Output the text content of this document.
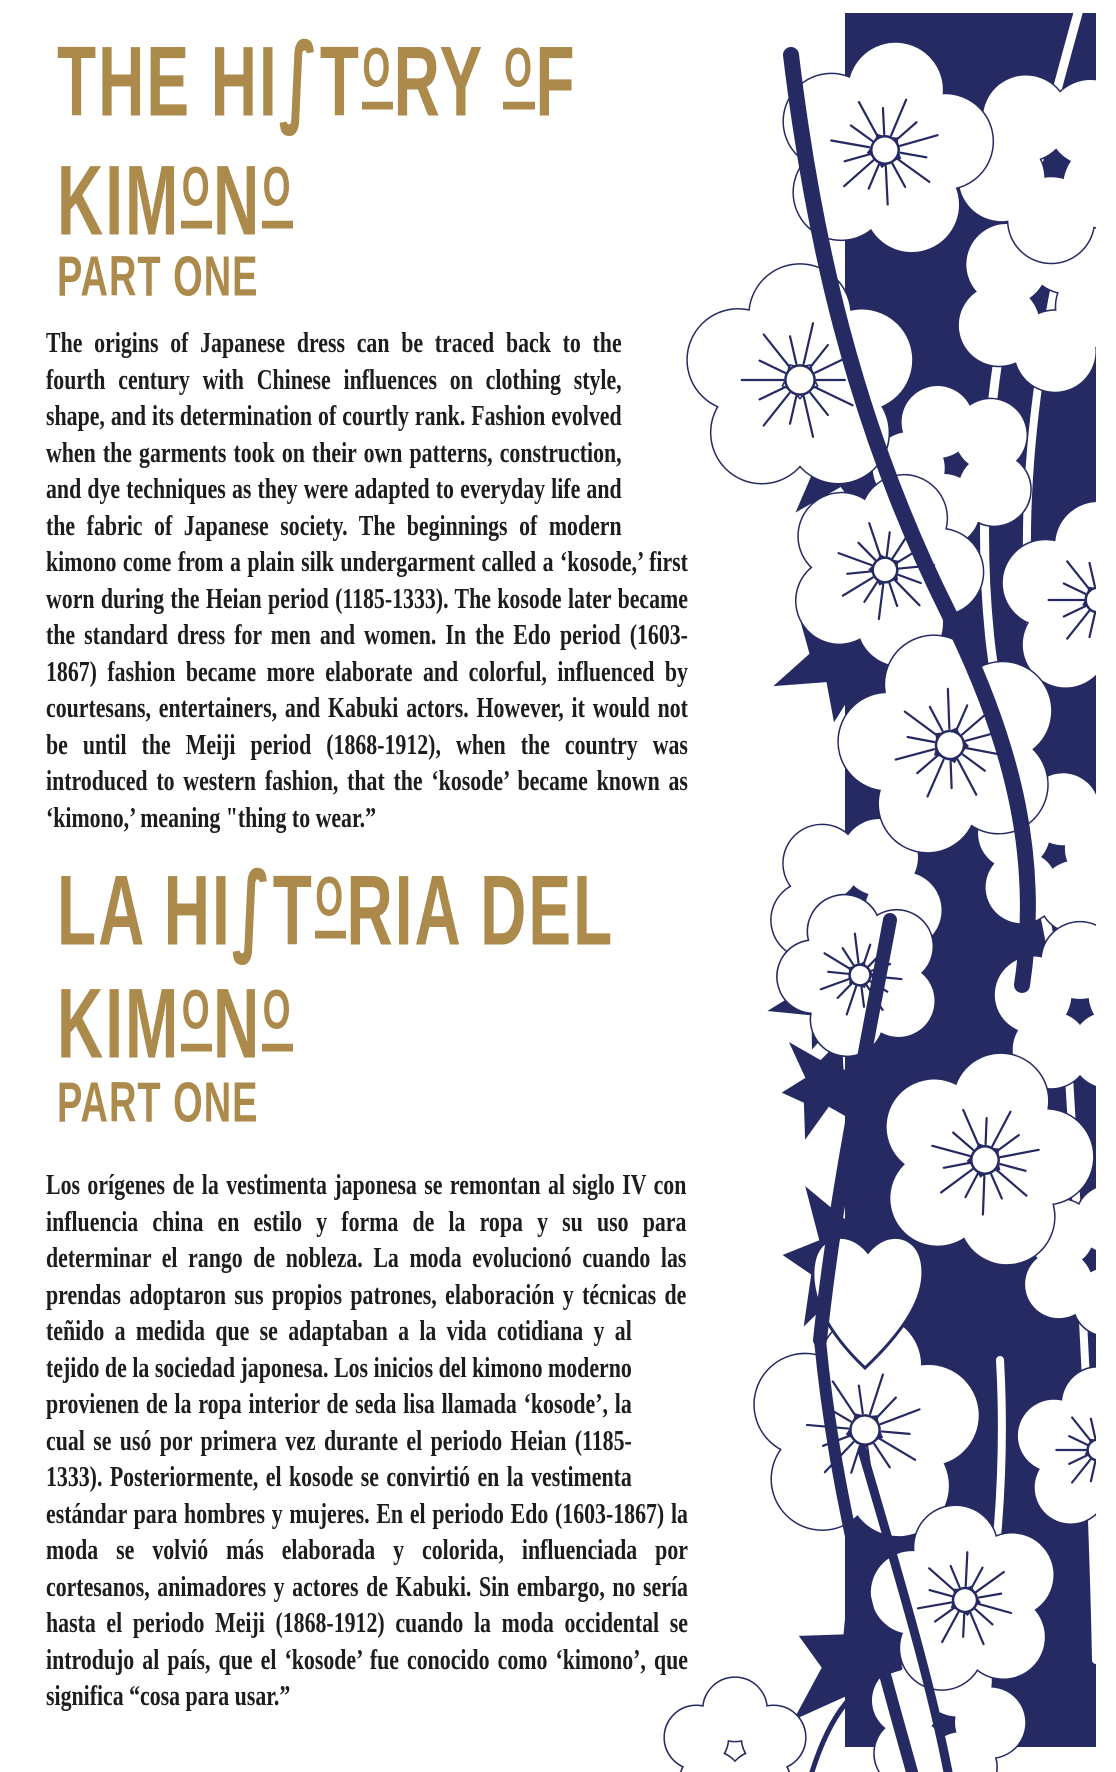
THE $HI\int T^ORY$ $^O$F
$KIM^ON^O$
PART ONE

The origins of Japanese dress can be traced back to the fourth century with Chinese influences on clothing style, shape, and its determination of courtly rank. Fashion evolved when the garments took on their own patterns, construction, and dye techniques as they were adapted to everyday life and the fabric of Japanese society. The beginnings of modern kimono come from a plain silk undergarment called a ‘kosode,’ first worn during the Heian period (1185-1333). The kosode later became the standard dress for men and women. In the Edo period (1603-1867) fashion became more elaborate and colorful, influenced by courtesans, entertainers, and Kabuki actors. However, it would not be until the Meiji period (1868-1912), when the country was introduced to western fashion, that the ‘kosode’ became known as ‘kimono,’ meaning "thing to wear.”

LA $HI\int T^ORIA$ DEL
$KIM^ON^O$
PART ONE

Los orígenes de la vestimenta japonesa se remontan al siglo IV con influencia china en estilo y forma de la ropa y su uso para determinar el rango de nobleza. La moda evolucionó cuando las prendas adoptaron sus propios patrones, elaboración y técnicas de teñido a medida que se adaptaban a la vida cotidiana y al tejido de la sociedad japonesa. Los inicios del kimono moderno provienen de la ropa interior de seda lisa llamada ‘kosode’, la cual se usó por primera vez durante el periodo Heian (1185-1333). Posteriormente, el kosode se convirtió en la vestimenta estándar para hombres y mujeres. En el periodo Edo (1603-1867) la moda se volvió más elaborada y colorida, influenciada por cortesanos, animadores y actores de Kabuki. Sin embargo, no sería hasta el periodo Meiji (1868-1912) cuando la moda occidental se introdujo al país, que el ‘kosode’ fue conocido como ‘kimono’, que significa “cosa para usar.”
